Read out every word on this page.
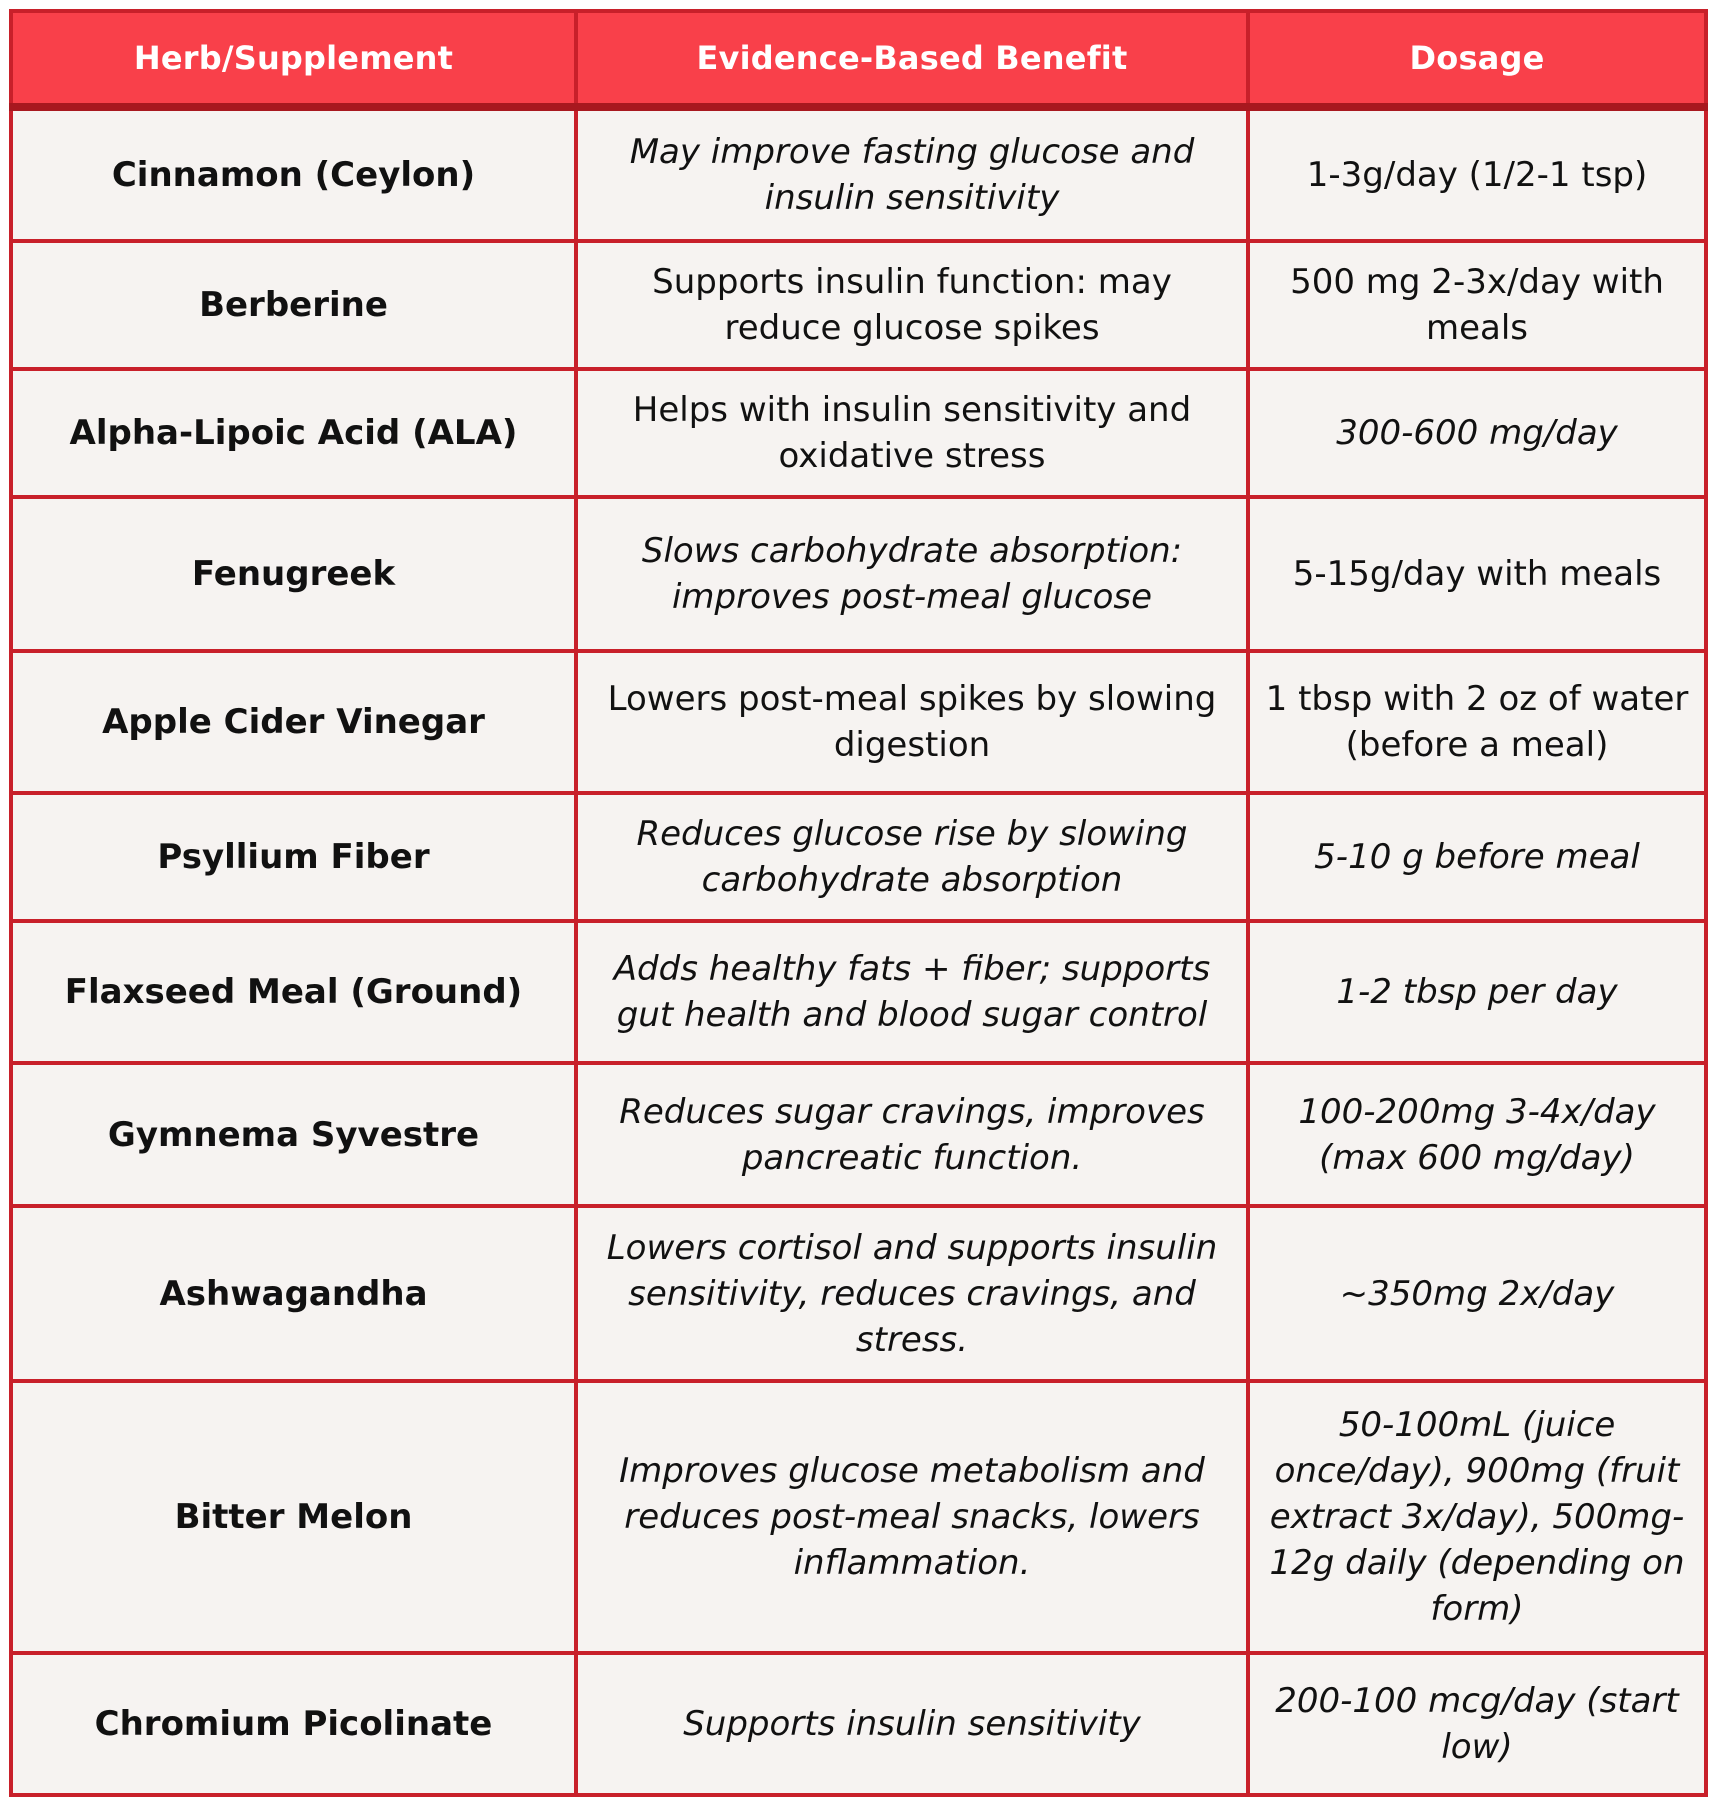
Herb/Supplement	Evidence-Based Benefit	Dosage
Cinnamon (Ceylon)	May improve fasting glucose and insulin sensitivity	1-3g/day (1/2-1 tsp)
Berberine	Supports insulin function: may reduce glucose spikes	500 mg 2-3x/day with meals
Alpha-Lipoic Acid (ALA)	Helps with insulin sensitivity and oxidative stress	300-600 mg/day
Fenugreek	Slows carbohydrate absorption: improves post-meal glucose	5-15g/day with meals
Apple Cider Vinegar	Lowers post-meal spikes by slowing digestion	1 tbsp with 2 oz of water (before a meal)
Psyllium Fiber	Reduces glucose rise by slowing carbohydrate absorption	5-10 g before meal
Flaxseed Meal (Ground)	Adds healthy fats + fiber; supports gut health and blood sugar control	1-2 tbsp per day
Gymnema Syvestre	Reduces sugar cravings, improves pancreatic function.	100-200mg 3-4x/day (max 600 mg/day)
Ashwagandha	Lowers cortisol and supports insulin sensitivity, reduces cravings, and stress.	~350mg 2x/day
Bitter Melon	Improves glucose metabolism and reduces post-meal snacks, lowers inflammation.	50-100mL (juice once/day), 900mg (fruit extract 3x/day), 500mg-12g daily (depending on form)
Chromium Picolinate	Supports insulin sensitivity	200-100 mcg/day (start low)
